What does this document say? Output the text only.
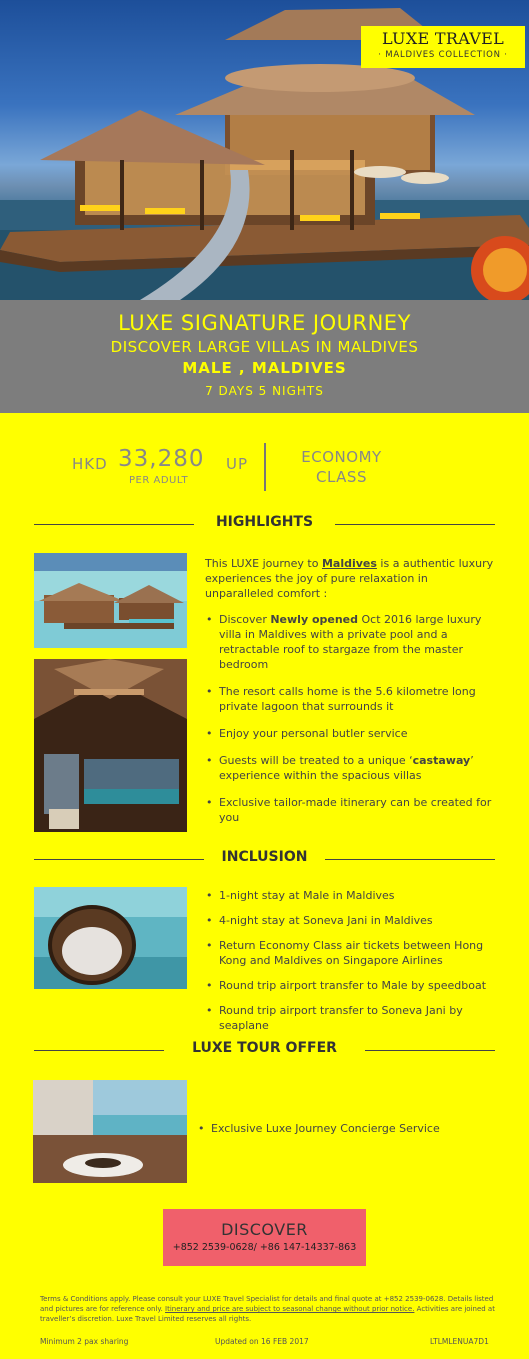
LUXE TRAVEL
· MALDIVES COLLECTION ·
LUXE SIGNATURE JOURNEY
DISCOVER LARGE VILLAS IN MALDIVES
MALE , MALDIVES
7 DAYS 5 NIGHTS
HKD 33,280 UP
PER ADULT
ECONOMY
CLASS
HIGHLIGHTS
This LUXE journey to Maldives is a authentic luxury experiences the joy of pure relaxation in unparalleled comfort :
• Discover Newly opened Oct 2016 large luxury villa in Maldives with a private pool and a retractable roof to stargaze from the master bedroom
• The resort calls home is the 5.6 kilometre long private lagoon that surrounds it
• Enjoy your personal butler service
• Guests will be treated to a unique ‘castaway’ experience within the spacious villas
• Exclusive tailor-made itinerary can be created for you
INCLUSION
• 1-night stay at Male in Maldives
• 4-night stay at Soneva Jani in Maldives
• Return Economy Class air tickets between Hong Kong and Maldives on Singapore Airlines
• Round trip airport transfer to Male by speedboat
• Round trip airport transfer to Soneva Jani by seaplane
LUXE TOUR OFFER
• Exclusive Luxe Journey Concierge Service
DISCOVER
+852 2539-0628/ +86 147-14337-863
Terms & Conditions apply. Please consult your LUXE Travel Specialist for details and final quote at +852 2539-0628. Details listed and pictures are for reference only. Itinerary and price are subject to seasonal change without prior notice. Activities are joined at traveller’s discretion. Luxe Travel Limited reserves all rights.
Minimum 2 pax sharing	Updated on 16 FEB 2017	LTLMLENUA7D1
